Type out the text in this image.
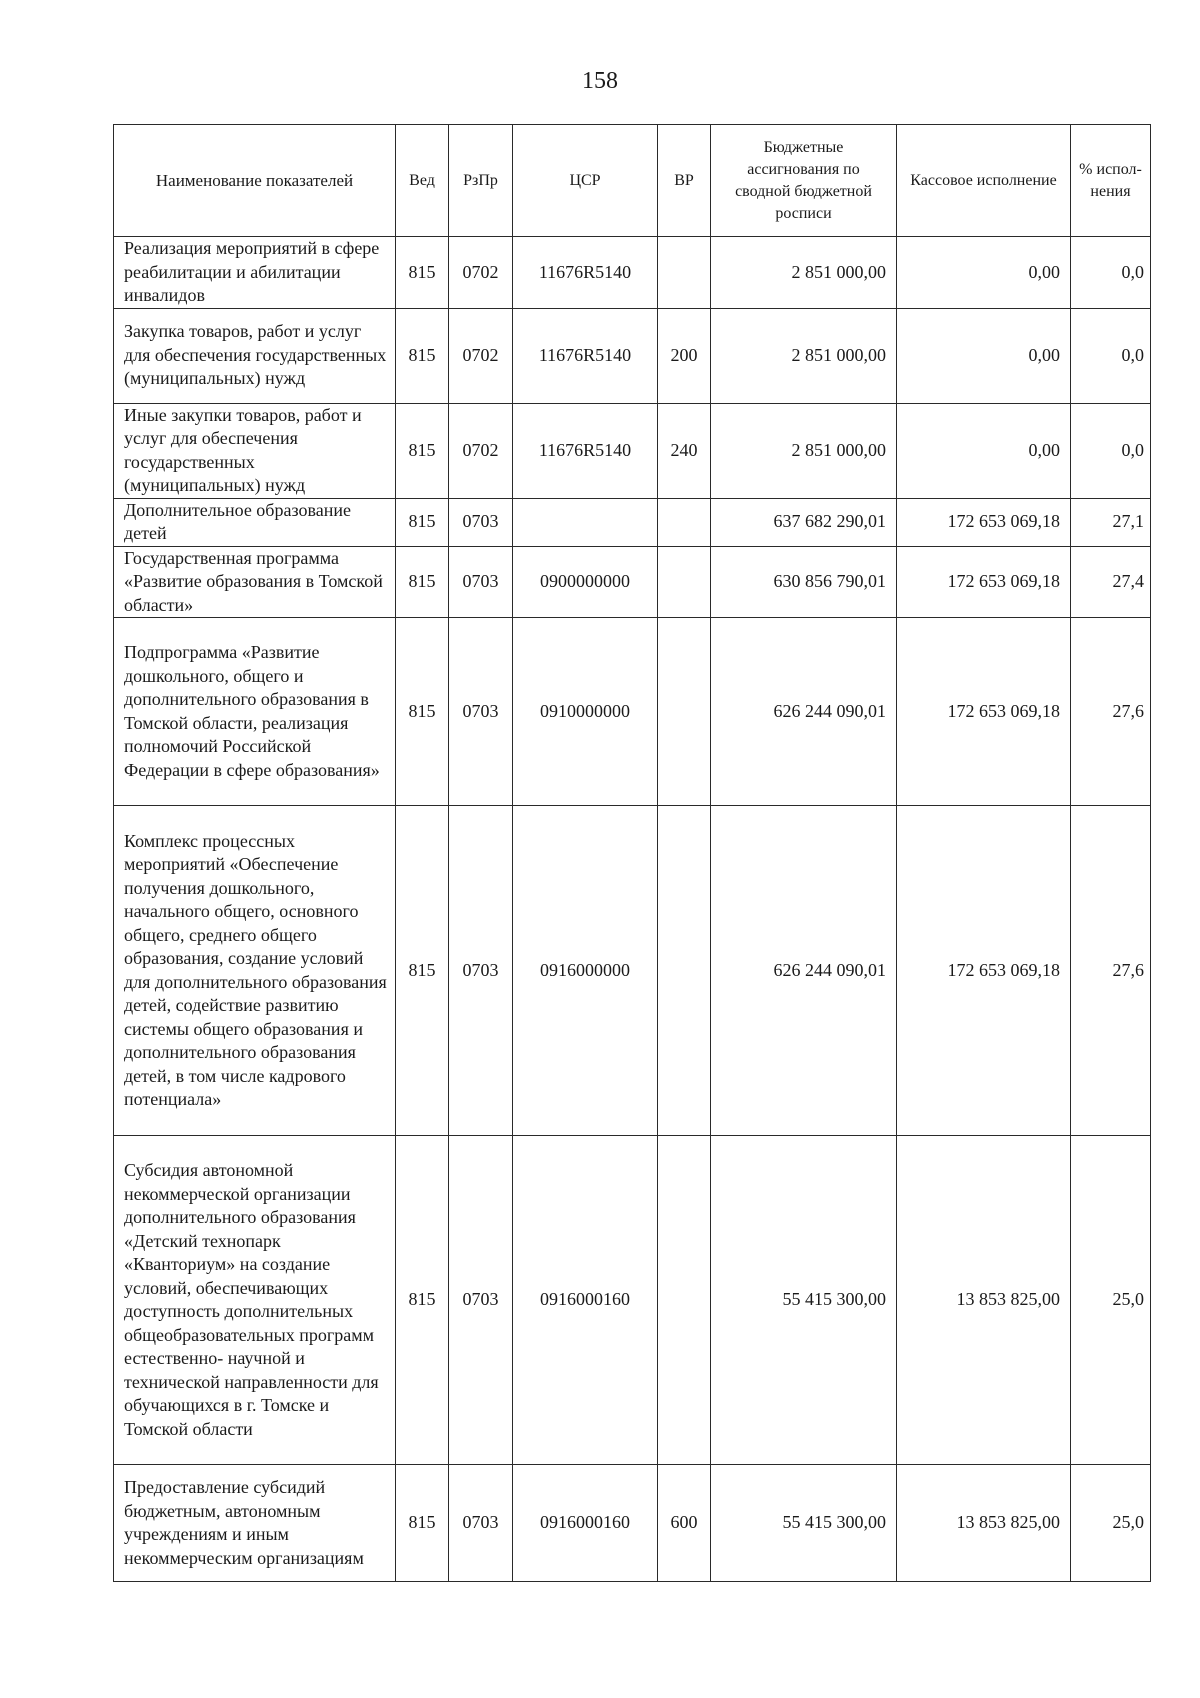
158
Наименование показателей	Вед	РзПр	ЦСР	ВР	Бюджетные ассигнования по сводной бюджетной росписи	Кассовое исполнение	% испол- нения
Реализация мероприятий в сфере реабилитации и абилитации инвалидов	815	0702	11676R5140		2 851 000,00	0,00	0,0
Закупка товаров, работ и услуг для обеспечения государственных (муниципальных) нужд	815	0702	11676R5140	200	2 851 000,00	0,00	0,0
Иные закупки товаров, работ и услуг для обеспечения государственных (муниципальных) нужд	815	0702	11676R5140	240	2 851 000,00	0,00	0,0
Дополнительное образование детей	815	0703			637 682 290,01	172 653 069,18	27,1
Государственная программа «Развитие образования в Томской области»	815	0703	0900000000		630 856 790,01	172 653 069,18	27,4
Подпрограмма «Развитие дошкольного, общего и дополнительного образования в Томской области, реализация полномочий Российской Федерации в сфере образования»	815	0703	0910000000		626 244 090,01	172 653 069,18	27,6
Комплекс процессных мероприятий «Обеспечение получения дошкольного, начального общего, основного общего, среднего общего образования, создание условий для дополнительного образования детей, содействие развитию системы общего образования и дополнительного образования детей, в том числе кадрового потенциала»	815	0703	0916000000		626 244 090,01	172 653 069,18	27,6
Субсидия автономной некоммерческой организации дополнительного образования «Детский технопарк «Кванториум» на создание условий, обеспечивающих доступность дополнительных общеобразовательных программ естественно- научной и технической направленности для обучающихся в г. Томске и Томской области	815	0703	0916000160		55 415 300,00	13 853 825,00	25,0
Предоставление субсидий бюджетным, автономным учреждениям и иным некоммерческим организациям	815	0703	0916000160	600	55 415 300,00	13 853 825,00	25,0
